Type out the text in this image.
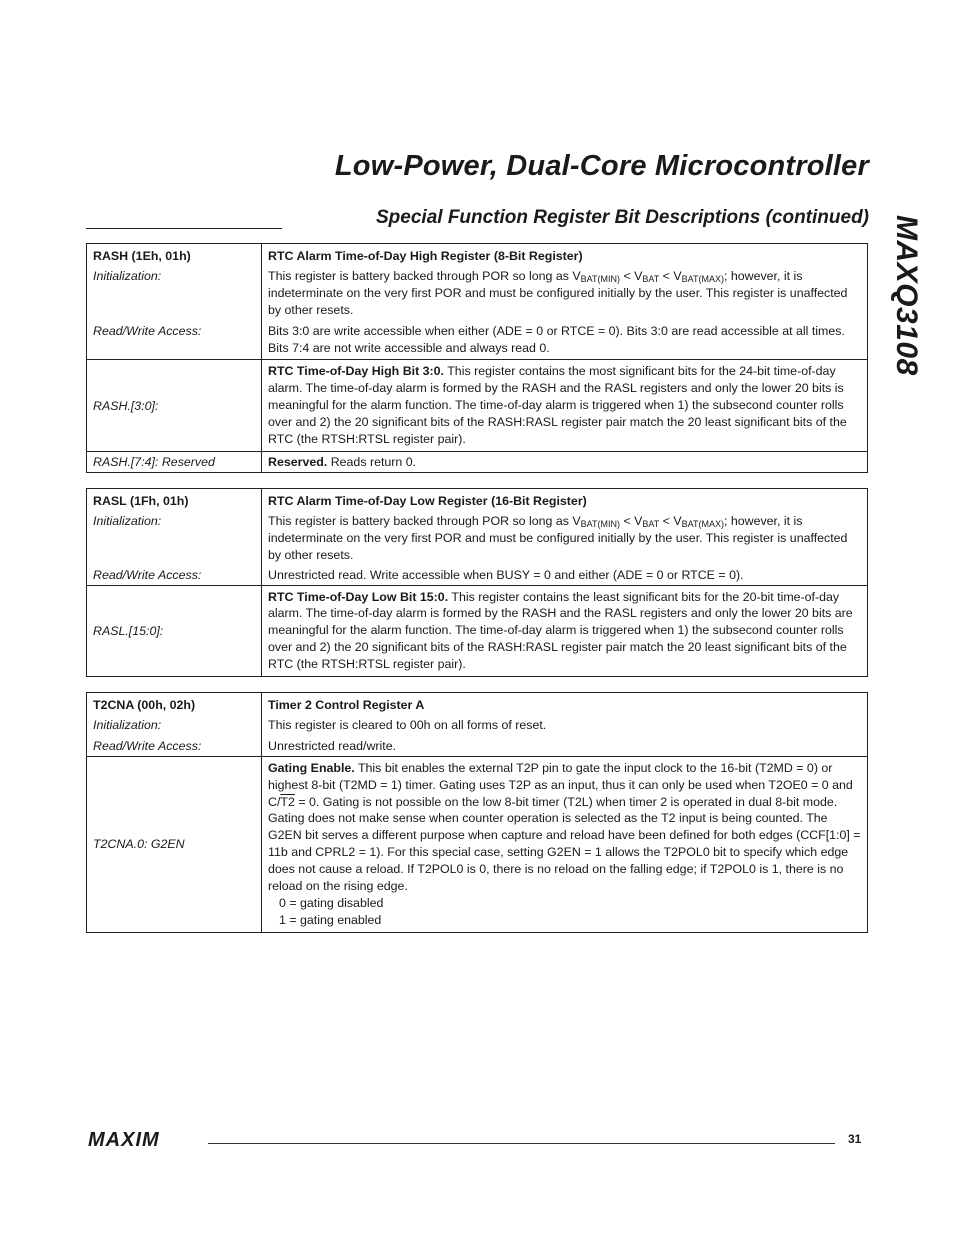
Low-Power, Dual-Core Microcontroller
Special Function Register Bit Descriptions (continued) MAXQ3108
RASH (1Eh, 01h)	RTC Alarm Time-of-Day High Register (8-Bit Register)
Initialization:	This register is battery backed through POR so long as $V_{BAT(MIN)} < V_{BAT} < V_{BAT(MAX)}$; however, it is indeterminate on the very first POR and must be configured initially by the user. This register is unaffected by other resets.
Read/Write Access:	Bits 3:0 are write accessible when either (ADE = 0 or RTCE = 0). Bits 3:0 are read accessible at all times. Bits 7:4 are not write accessible and always read 0.
RASH.[3:0]:	RTC Time-of-Day High Bit 3:0. This register contains the most significant bits for the 24-bit time-of-day alarm. The time-of-day alarm is formed by the RASH and the RASL registers and only the lower 20 bits is meaningful for the alarm function. The time-of-day alarm is triggered when 1) the subsecond counter rolls over and 2) the 20 significant bits of the RASH:RASL register pair match the 20 least significant bits of the RTC (the RTSH:RTSL register pair).
RASH.[7:4]: Reserved	Reserved. Reads return 0.
RASL (1Fh, 01h)	RTC Alarm Time-of-Day Low Register (16-Bit Register)
Initialization:	This register is battery backed through POR so long as $V_{BAT(MIN)} < V_{BAT} < V_{BAT(MAX)}$; however, it is indeterminate on the very first POR and must be configured initially by the user. This register is unaffected by other resets.
Read/Write Access:	Unrestricted read. Write accessible when BUSY = 0 and either (ADE = 0 or RTCE = 0).
RASL.[15:0]:	RTC Time-of-Day Low Bit 15:0. This register contains the least significant bits for the 20-bit time-of-day alarm. The time-of-day alarm is formed by the RASH and the RASL registers and only the lower 20 bits are meaningful for the alarm function. The time-of-day alarm is triggered when 1) the subsecond counter rolls over and 2) the 20 significant bits of the RASH:RASL register pair match the 20 least significant bits of the RTC (the RTSH:RTSL register pair).
T2CNA (00h, 02h)	Timer 2 Control Register A
Initialization:	This register is cleared to 00h on all forms of reset.
Read/Write Access:	Unrestricted read/write.
T2CNA.0: G2EN	Gating Enable. This bit enables the external T2P pin to gate the input clock to the 16-bit (T2MD = 0) or highest 8-bit (T2MD = 1) timer. Gating uses T2P as an input, thus it can only be used when T2OE0 = 0 and C/T2 = 0. Gating is not possible on the low 8-bit timer (T2L) when timer 2 is operated in dual 8-bit mode. Gating does not make sense when counter operation is selected as the T2 input is being counted. The G2EN bit serves a different purpose when capture and reload have been defined for both edges (CCF[1:0] = 11b and CPRL2 = 1). For this special case, setting G2EN = 1 allows the T2POL0 bit to specify which edge does not cause a reload. If T2POL0 is 0, there is no reload on the falling edge; if T2POL0 is 1, there is no reload on the rising edge.
0 = gating disabled
1 = gating enabled
MAXIM	31
